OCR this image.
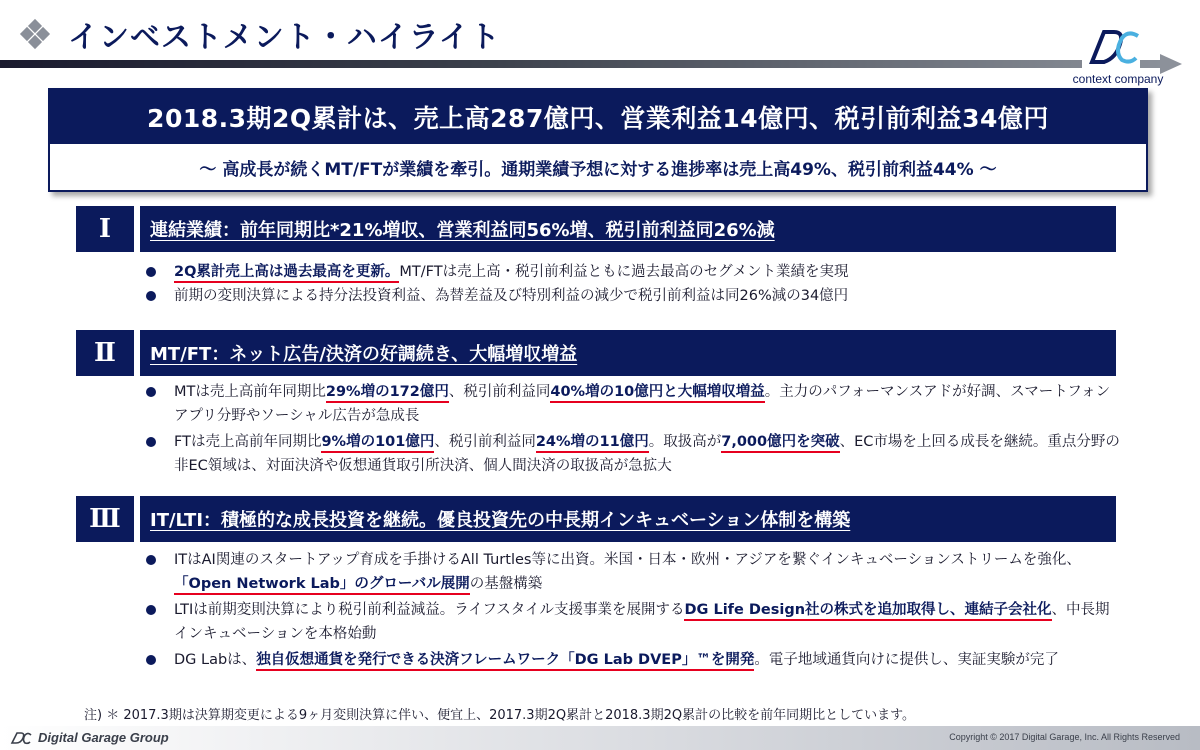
インベストメント・ハイライト
context company
2018.3期2Q累計は、売上高287億円、営業利益14億円、税引前利益34億円
～ 高成長が続くMT/FTが業績を牽引。通期業績予想に対する進捗率は売上高49%、税引前利益44% ～
Ⅰ	連結業績：前年同期比*21%増収、営業利益同56%増、税引前利益同26%減
2Q累計売上高は過去最高を更新。MT/FTは売上高・税引前利益ともに過去最高のセグメント業績を実現
前期の変則決算による持分法投資利益、為替差益及び特別利益の減少で税引前利益は同26%減の34億円
Ⅱ	MT/FT：ネット広告/決済の好調続き、大幅増収増益
MTは売上高前年同期比29%増の172億円、税引前利益同40%増の10億円と大幅増収増益。主力のパフォーマンスアドが好調、スマートフォンアプリ分野やソーシャル広告が急成長
FTは売上高前年同期比9%増の101億円、税引前利益同24%増の11億円。取扱高が7,000億円を突破、EC市場を上回る成長を継続。重点分野の非EC領域は、対面決済や仮想通貨取引所決済、個人間決済の取扱高が急拡大
Ⅲ	IT/LTI：積極的な成長投資を継続。優良投資先の中長期インキュベーション体制を構築
ITはAI関連のスタートアップ育成を手掛けるAll Turtles等に出資。米国・日本・欧州・アジアを繋ぐインキュベーションストリームを強化、「Open Network Lab」のグローバル展開の基盤構築
LTIは前期変則決算により税引前利益減益。ライフスタイル支援事業を展開するDG Life Design社の株式を追加取得し、連結子会社化、中長期インキュベーションを本格始動
DG Labは、独自仮想通貨を発行できる決済フレームワーク「DG Lab DVEP」™を開発。電子地域通貨向けに提供し、実証実験が完了
注) ＊ 2017.3期は決算期変更による9ヶ月変則決算に伴い、便宜上、2017.3期2Q累計と2018.3期2Q累計の比較を前年同期比としています。
Digital Garage Group	Copyright © 2017 Digital Garage, Inc. All Rights Reserved
